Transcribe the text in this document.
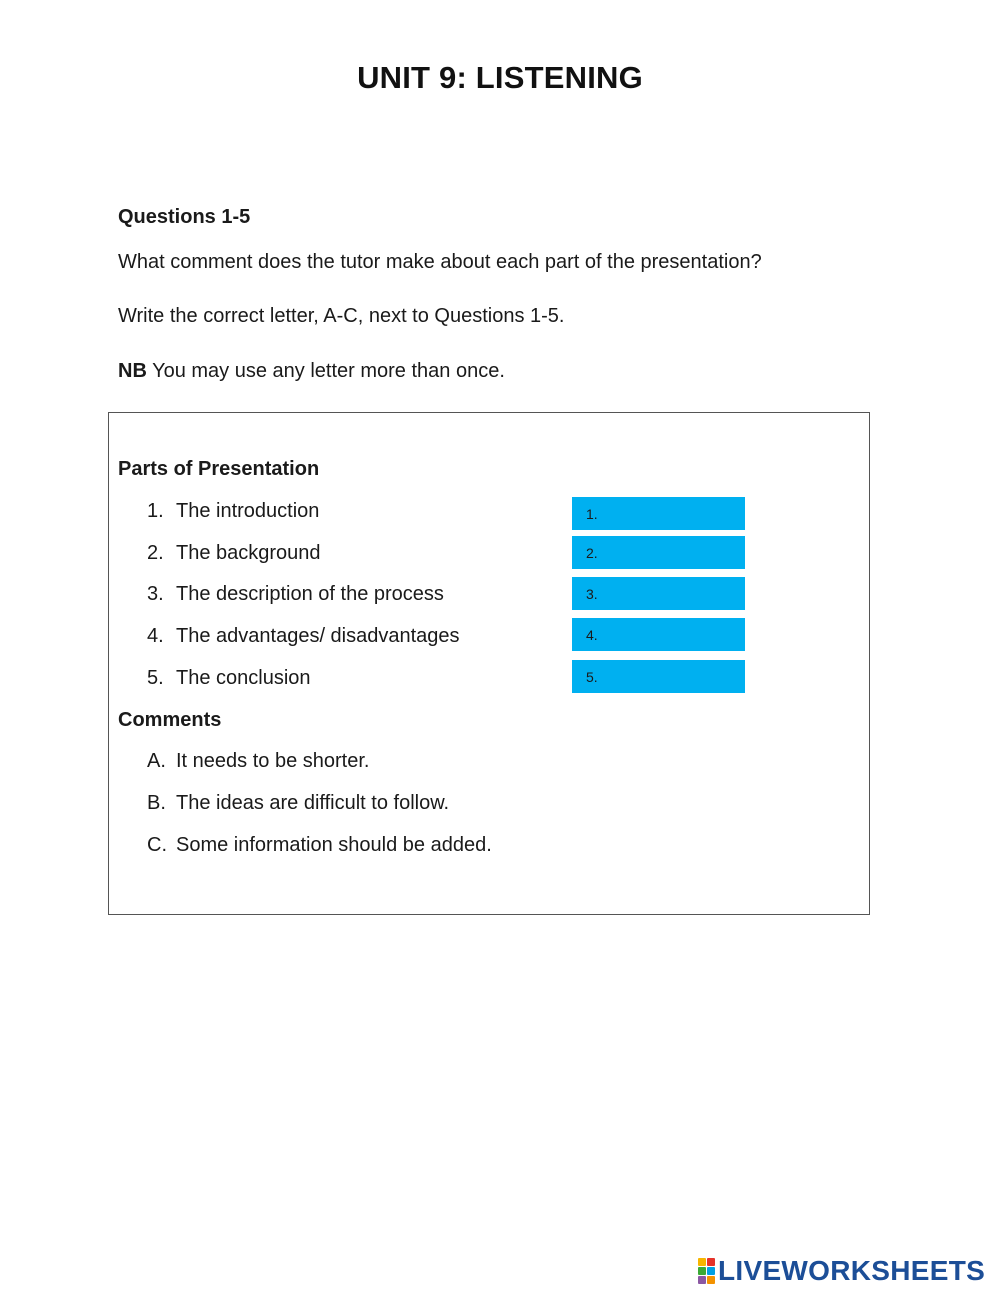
UNIT 9: LISTENING
Questions 1-5
What comment does the tutor make about each part of the presentation?
Write the correct letter, A-C, next to Questions 1-5.
NB You may use any letter more than once.
Parts of Presentation
1. The introduction
2. The background
3. The description of the process
4. The advantages/ disadvantages
5. The conclusion
1.
2.
3.
4.
5.
Comments
A. It needs to be shorter.
B. The ideas are difficult to follow.
C. Some information should be added.
LIVEWORKSHEETS
